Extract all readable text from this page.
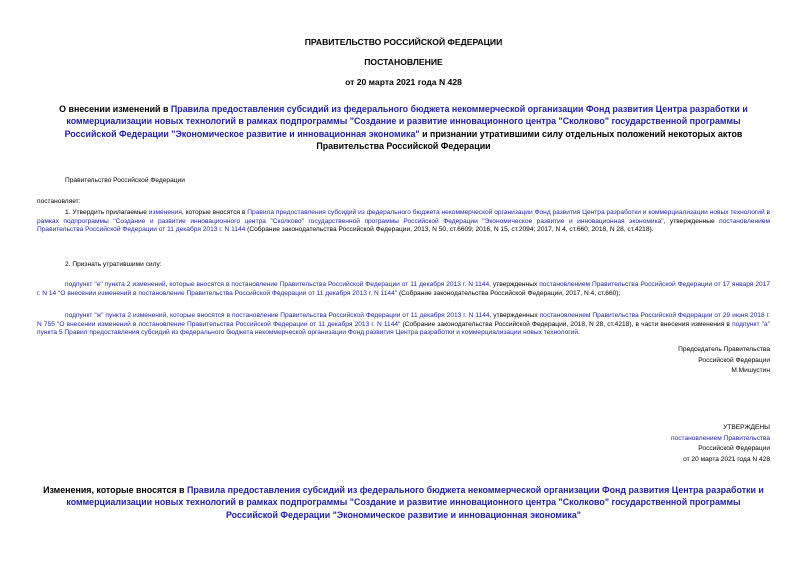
ПРАВИТЕЛЬСТВО РОССИЙСКОЙ ФЕДЕРАЦИИ
ПОСТАНОВЛЕНИЕ
от 20 марта 2021 года N 428
О внесении изменений в Правила предоставления субсидий из федерального бюджета некоммерческой организации Фонд развития Центра разработки и коммерциализации новых технологий в рамках подпрограммы "Создание и развитие инновационного центра "Сколково" государственной программы Российской Федерации "Экономическое развитие и инновационная экономика" и признании утратившими силу отдельных положений некоторых актов Правительства Российской Федерации
Правительство Российской Федерации
постановляет:
1. Утвердить прилагаемые изменения, которые вносятся в Правила предоставления субсидий из федерального бюджета некоммерческой организации Фонд развития Центра разработки и коммерциализации новых технологий в рамках подпрограммы "Создание и развитие инновационного центра "Сколково" государственной программы Российской Федерации "Экономическое развитие и инновационная экономика", утвержденные постановлением Правительства Российской Федерации от 11 декабря 2013 г. N 1144 (Собрание законодательства Российской Федерации, 2013, N 50, ст.6609; 2016, N 15, ст.2094; 2017, N 4, ст.660; 2018, N 28, ст.4218).
2. Признать утратившими силу:
подпункт "е" пункта 2 изменений, которые вносятся в постановление Правительства Российской Федерации от 11 декабря 2013 г. N 1144, утвержденных постановлением Правительства Российской Федерации от 17 января 2017 г. N 14 "О внесении изменений в постановление Правительства Российской Федерации от 11 декабря 2013 г. N 1144" (Собрание законодательства Российской Федерации, 2017, N 4, ст.660);
подпункт "ж" пункта 2 изменений, которые вносятся в постановление Правительства Российской Федерации от 11 декабря 2013 г. N 1144, утвержденных постановлением Правительства Российской Федерации от 29 июня 2018 г. N 755 "О внесении изменений в постановление Правительства Российской Федерации от 11 декабря 2013 г. N 1144" (Собрание законодательства Российской Федерации, 2018, N 28, ст.4218), в части внесения изменения в подпункт "а" пункта 5 Правил предоставления субсидий из федерального бюджета некоммерческой организации Фонд развития Центра разработки и коммерциализации новых технологий.
Председатель Правительства
Российской Федерации
М.Мишустин
УТВЕРЖДЕНЫ
постановлением Правительства
Российской Федерации
от 20 марта 2021 года N 428
Изменения, которые вносятся в Правила предоставления субсидий из федерального бюджета некоммерческой организации Фонд развития Центра разработки и коммерциализации новых технологий в рамках подпрограммы "Создание и развитие инновационного центра "Сколково" государственной программы Российской Федерации "Экономическое развитие и инновационная экономика"
